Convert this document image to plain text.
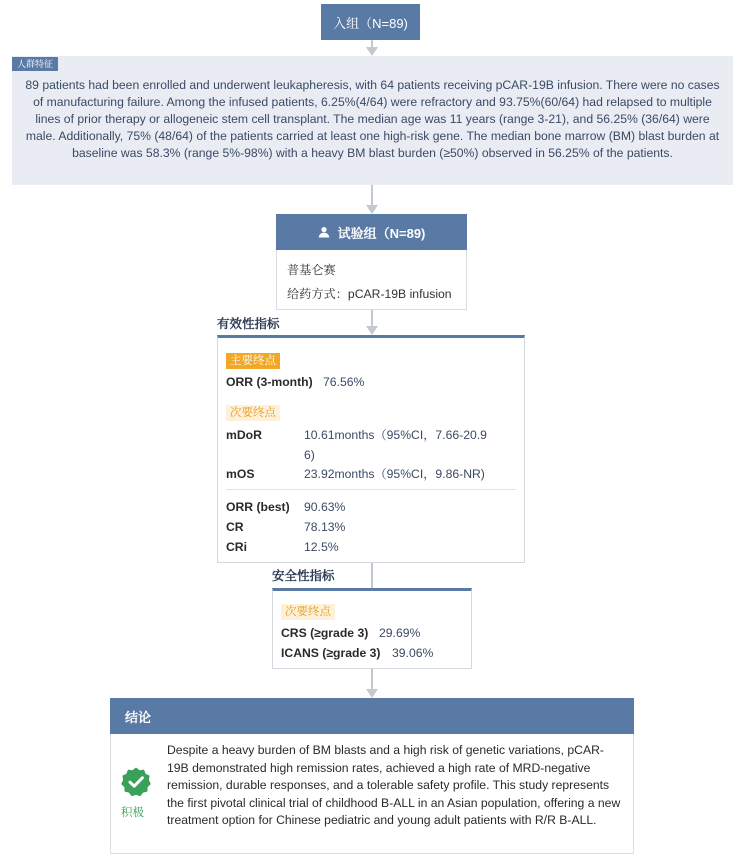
入组（N=89)
人群特征
89 patients had been enrolled and underwent leukapheresis, with 64 patients receiving pCAR-19B infusion. There were no cases of manufacturing failure. Among the infused patients, 6.25%(4/64) were refractory and 93.75%(60/64) had relapsed to multiple lines of prior therapy or allogeneic stem cell transplant. The median age was 11 years (range 3-21), and 56.25% (36/64) were male. Additionally, 75% (48/64) of the patients carried at least one high-risk gene. The median bone marrow (BM) blast burden at baseline was 58.3% (range 5%-98%) with a heavy BM blast burden (≥50%) observed in 56.25% of the patients.
试验组（N=89)
普基仑赛
给药方式：pCAR-19B infusion
有效性指标
主要终点
ORR (3-month) 76.56%
次要终点
mDoR	10.61months（95%CI，7.66-20.9
6)
mOS	23.92months（95%CI，9.86-NR)
ORR (best) 90.63%
CR	78.13%
CRi	12.5%
安全性指标
次要终点
CRS (≥grade 3) 29.69%
ICANS (≥grade 3) 39.06%
结论
积极
Despite a heavy burden of BM blasts and a high risk of genetic variations, pCAR-19B demonstrated high remission rates, achieved a high rate of MRD-negative remission, durable responses, and a tolerable safety profile. This study represents the first pivotal clinical trial of childhood B-ALL in an Asian population, offering a new treatment option for Chinese pediatric and young adult patients with R/R B-ALL.
